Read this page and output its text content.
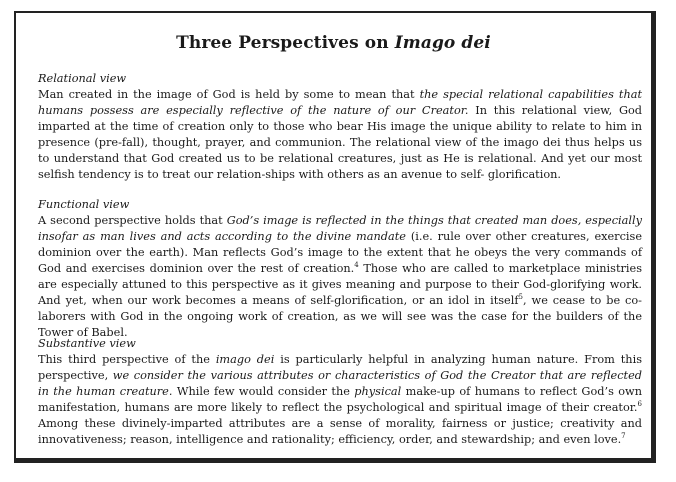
Three Perspectives on Imago dei
Relational view

Man created in the image of God is held by some to mean that the special relational capabilities that humans possess are especially reflective of the nature of our Creator. In this relational view, God imparted at the time of creation only to those who bear His image the unique ability to relate to him in presence (pre-fall), thought, prayer, and communion. The relational view of the imago dei thus helps us to understand that God created us to be relational creatures, just as He is relational. And yet our most selfish tendency is to treat our relation-ships with others as an avenue to self- glorification.

Functional view

A second perspective holds that God’s image is reflected in the things that created man does, especially insofar as man lives and acts according to the divine mandate (i.e. rule over other creatures, exercise dominion over the earth). Man reflects God’s image to the extent that he obeys the very commands of God and exercises dominion over the rest of creation.$^4$ Those who are called to marketplace ministries are especially attuned to this perspective as it gives meaning and purpose to their God-glorifying work. And yet, when our work becomes a means of self-glorification, or an idol in itself$^5$, we cease to be co-laborers with God in the ongoing work of creation, as we will see was the case for the builders of the Tower of Babel.

Substantive view

This third perspective of the imago dei is particularly helpful in analyzing human nature. From this perspective, we consider the various attributes or characteristics of God the Creator that are reflected in the human creature. While few would consider the physical make-up of humans to reflect God’s own manifestation, humans are more likely to reflect the psychological and spiritual image of their creator.$^6$ Among these divinely-imparted attributes are a sense of morality, fairness or justice; creativity and innovativeness; reason, intelligence and rationality; efficiency, order, and stewardship; and even love.$^7$
